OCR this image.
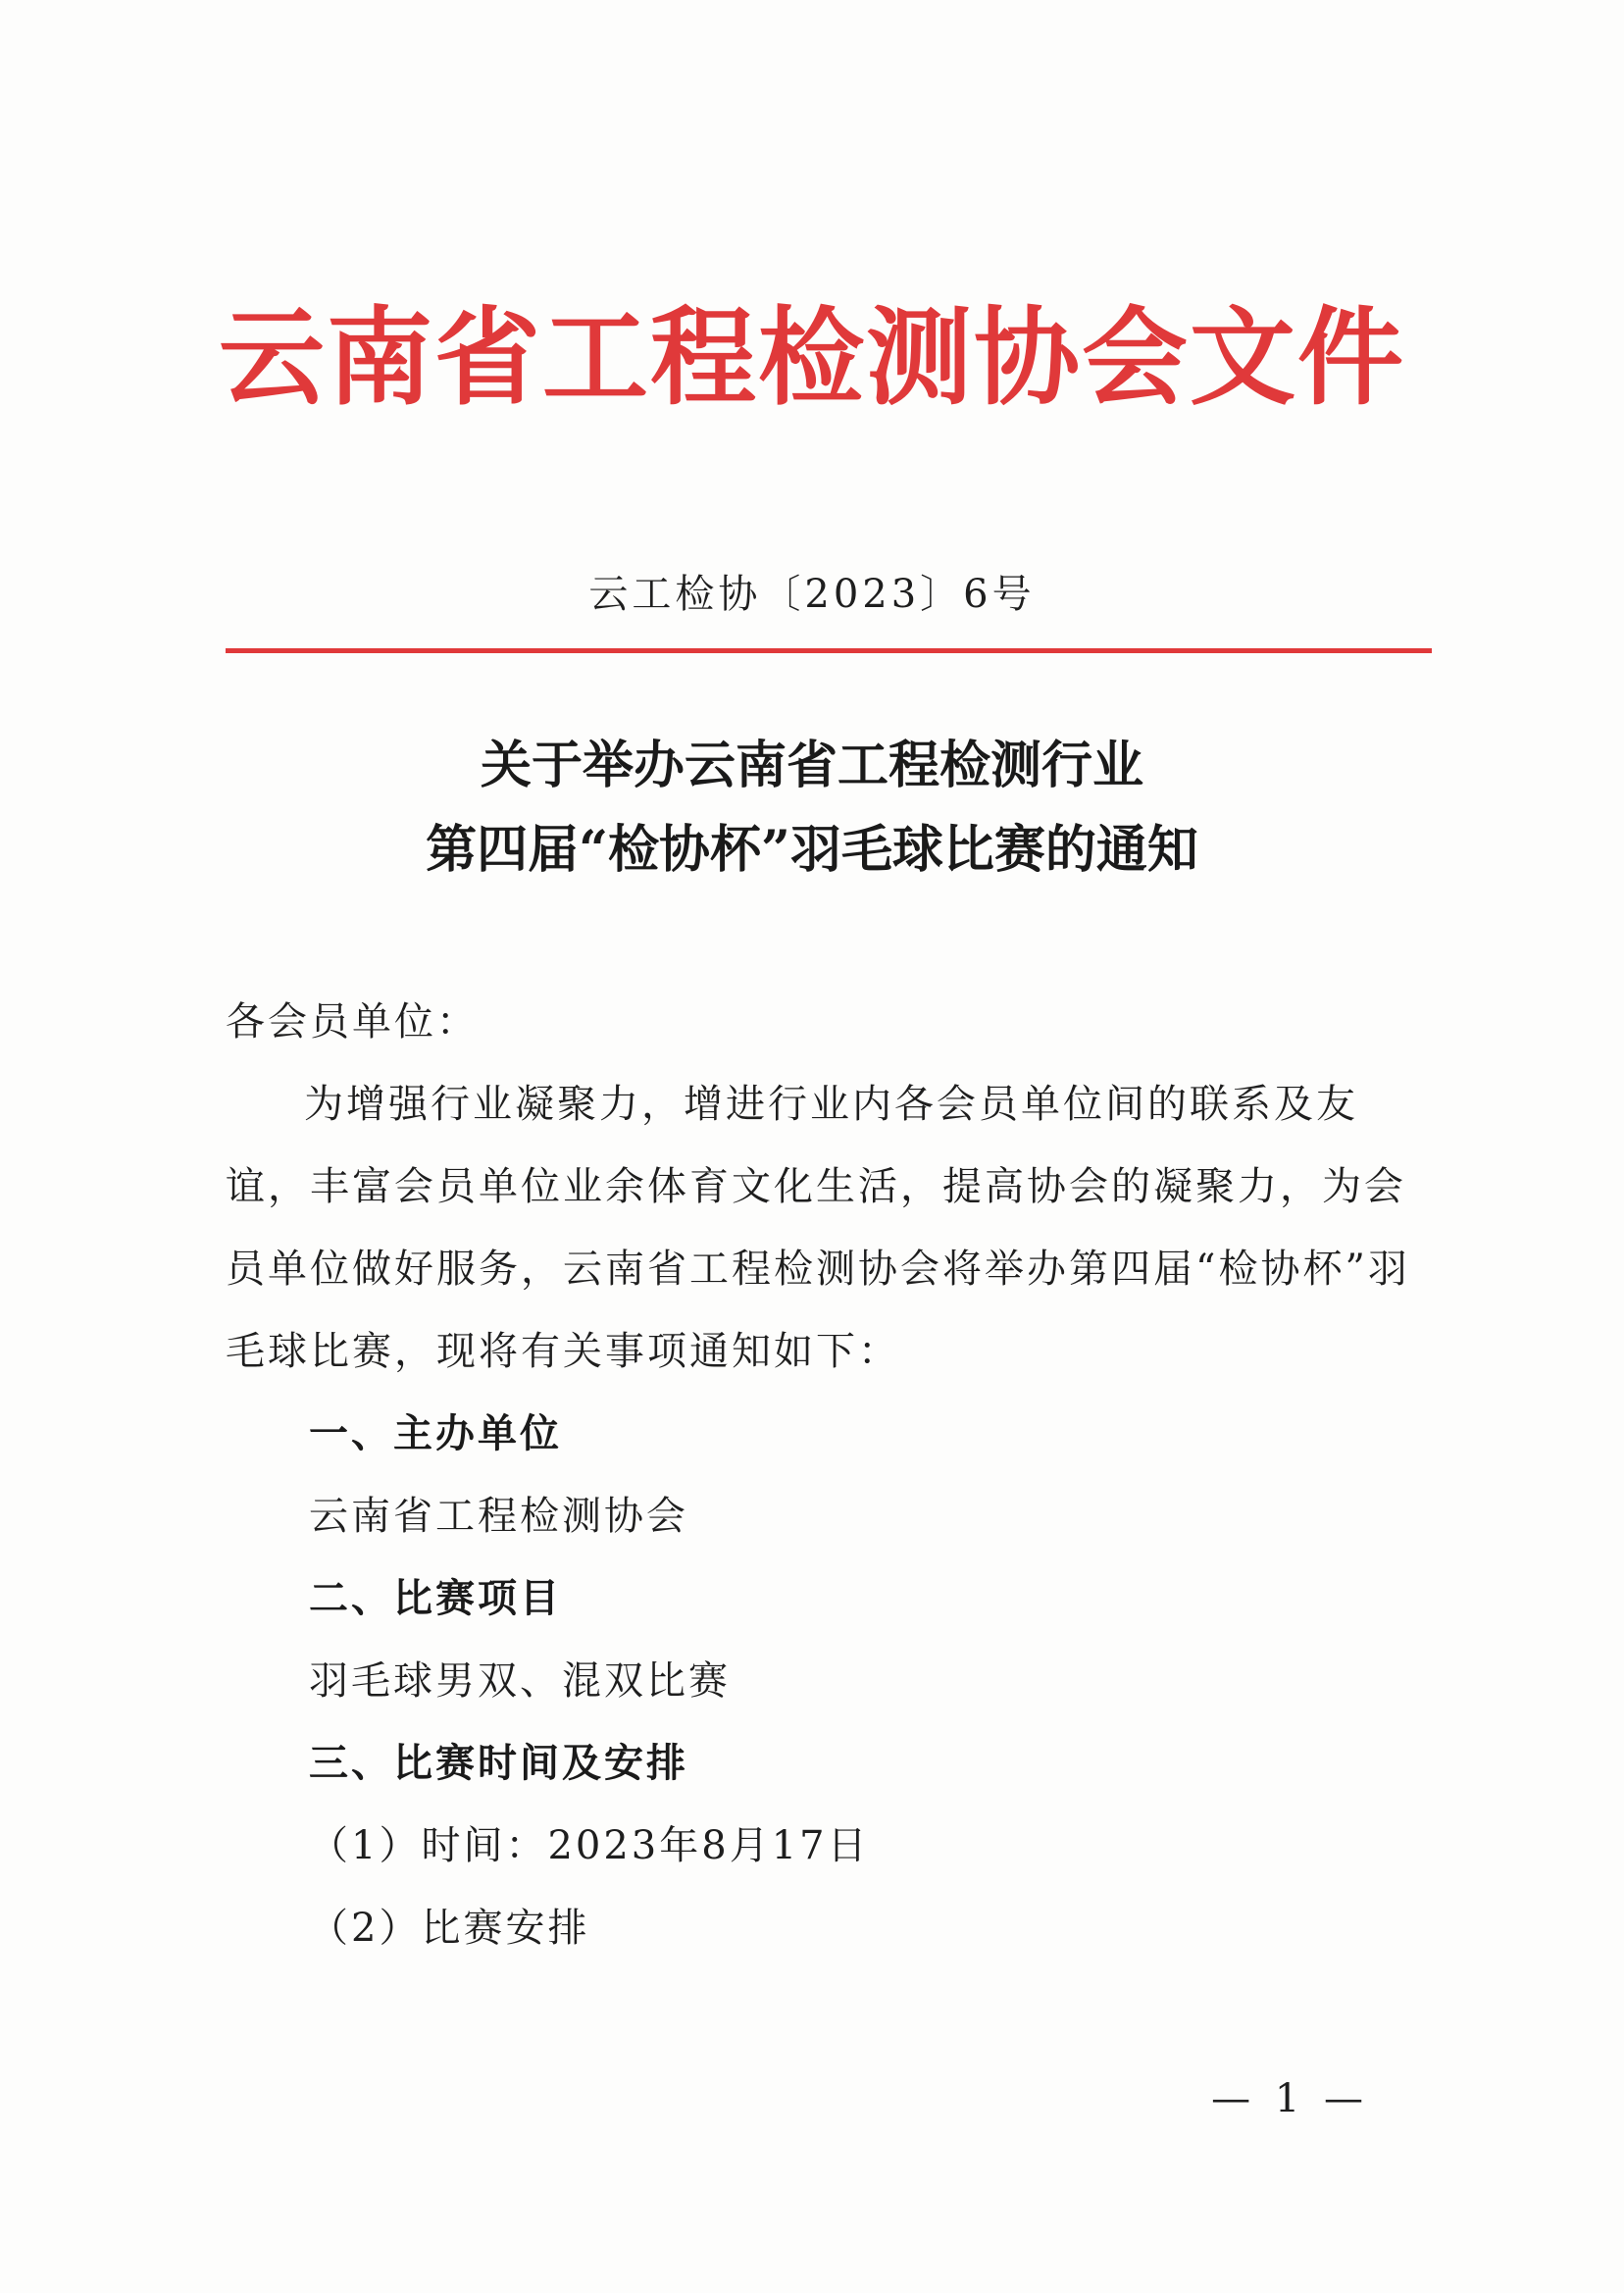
云南省工程检测协会文件
云工检协〔2023〕6号
关于举办云南省工程检测行业
第四届“检协杯”羽毛球比赛的通知

各会员单位：

为增强行业凝聚力，增进行业内各会员单位间的联系及友谊，丰富会员单位业余体育文化生活，提高协会的凝聚力，为会员单位做好服务，云南省工程检测协会将举办第四届“检协杯”羽毛球比赛，现将有关事项通知如下：

一、主办单位

云南省工程检测协会

二、比赛项目

羽毛球男双、混双比赛

三、比赛时间及安排

（1）时间：2023年8月17日

（2）比赛安排

— 1 —
